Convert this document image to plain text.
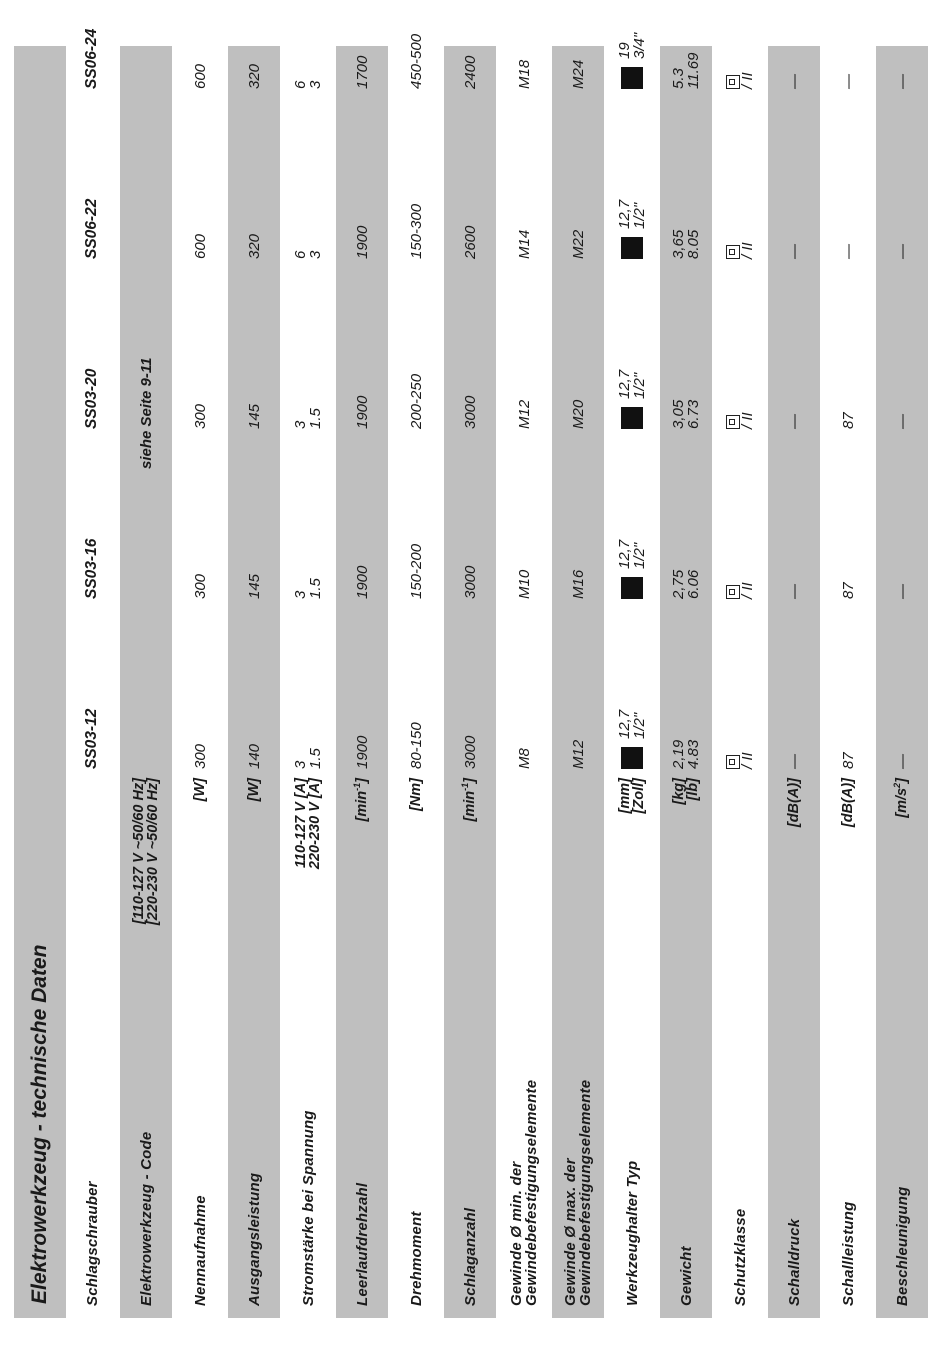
Elektrowerkzeug - technische Daten	Schlagschrauber
SS03-12
SS03-16
SS03-20
SS06-22
SS06-24
Elektrowerkzeug - Code
[110-127 V ~50/60 Hz]
[220-230 V ~50/60 Hz]
siehe Seite 9-11
Nennaufnahme
[W]
300
300
300
600
600
Ausgangsleistung
[W]
140
145
145
320
320
Stromstärke bei Spannung
110-127 V [A]
220-230 V [A]
3
1.5
3
1.5
3
1.5
6
3
6
3
Leerlaufdrehzahl
$[\min^{-1}]$
1900
1900
1900
1900
1700
Drehmoment
[Nm]
80-150
150-200
200-250
150-300
450-500
Schlaganzahl
$[\min^{-1}]$
3000
3000
3000
2600
2400
Gewinde Ø min. der
Gewindebefestigungselemente
M8
M10
M12
M14
M18
Gewinde Ø max. der
Gewindebefestigungselemente
M12
M16
M20
M22
M24
Werkzeughalter Typ
[mm]
[Zoll]
12,7
1/2"
12,7
1/2"
12,7
1/2"
12,7
1/2"
19
3/4"
Gewicht
[kg]
[lb]
2,19
4.83
2,75
6.06
3,05
6.73
3,65
8.05
5.3
11.69
Schutzklasse
/ II
/ II
/ II
/ II
/ II
Schalldruck
[dB(A)]
—
—
—
—
—
Schallleistung
[dB(A)]
87
87
87
—
—
Beschleunigung
$[m/s^2]$
—
—
—
—
—
